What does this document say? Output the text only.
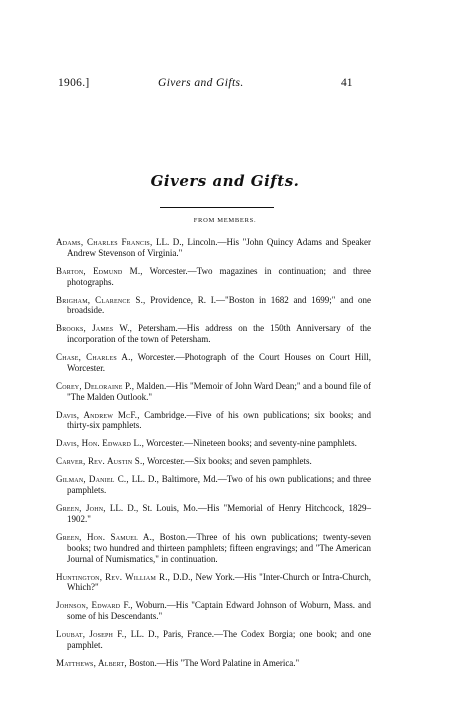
1906.]	Givers and Gifts.	41
Givers and Gifts.
FROM MEMBERS.

Adams, Charles Francis, LL. D., Lincoln.—His "John Quincy Adams and Speaker Andrew Stevenson of Virginia."

Barton, Edmund M., Worcester.—Two magazines in continuation; and three photographs.

Brigham, Clarence S., Providence, R. I.—"Boston in 1682 and 1699;" and one broadside.

Brooks, James W., Petersham.—His address on the 150th Anniversary of the incorporation of the town of Petersham.

Chase, Charles A., Worcester.—Photograph of the Court Houses on Court Hill, Worcester.

Corey, Deloraine P., Malden.—His "Memoir of John Ward Dean;" and a bound file of "The Malden Outlook."

Davis, Andrew McF., Cambridge.—Five of his own publications; six books; and thirty-six pamphlets.

Davis, Hon. Edward L., Worcester.—Nineteen books; and seventy-nine pamphlets.

Carver, Rev. Austin S., Worcester.—Six books; and seven pamphlets.

Gilman, Daniel C., LL. D., Baltimore, Md.—Two of his own publications; and three pamphlets.

Green, John, LL. D., St. Louis, Mo.—His "Memorial of Henry Hitchcock, 1829–1902."

Green, Hon. Samuel A., Boston.—Three of his own publications; twenty-seven books; two hundred and thirteen pamphlets; fifteen engravings; and "The American Journal of Numismatics," in continuation.

Huntington, Rev. William R., D.D., New York.—His "Inter-Church or Intra-Church, Which?"

Johnson, Edward F., Woburn.—His "Captain Edward Johnson of Woburn, Mass. and some of his Descendants."

Loubat, Joseph F., LL. D., Paris, France.—The Codex Borgia; one book; and one pamphlet.

Matthews, Albert, Boston.—His "The Word Palatine in America."
